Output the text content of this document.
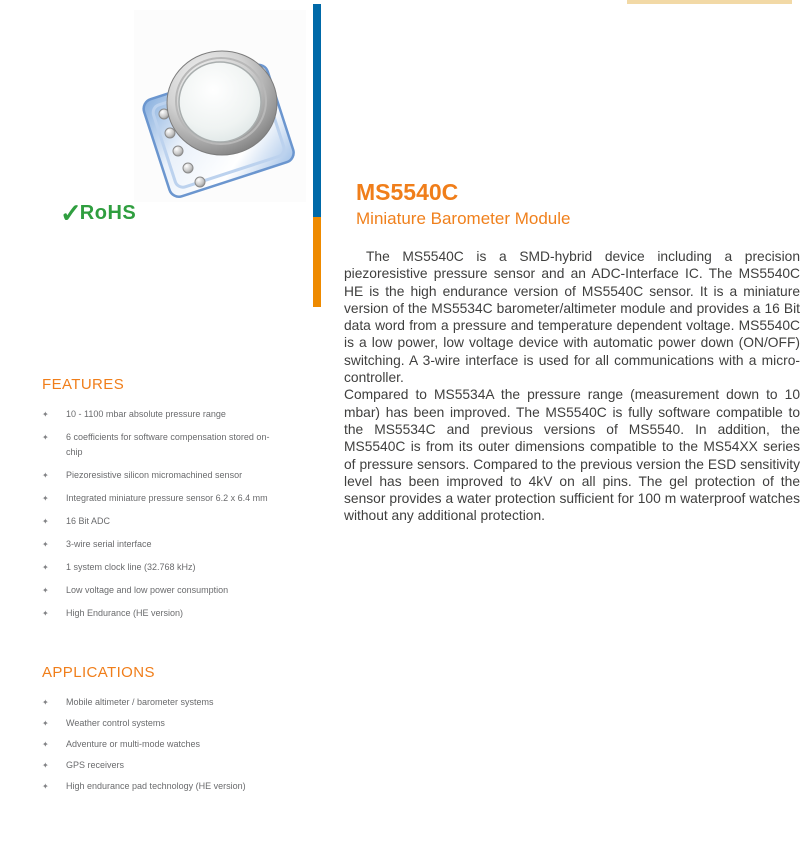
✓
RoHS
FEATURES
✦	10 - 1100 mbar absolute pressure range
✦	6 coefficients for software compensation stored on-chip
✦	Piezoresistive silicon micromachined sensor
✦	Integrated miniature pressure sensor 6.2 x 6.4 mm
✦	16 Bit ADC
✦	3-wire serial interface
✦	1 system clock line (32.768 kHz)
✦	Low voltage and low power consumption
✦	High Endurance (HE version)
APPLICATIONS
✦	Mobile altimeter / barometer systems
✦	Weather control systems
✦	Adventure or multi-mode watches
✦	GPS receivers
✦	High endurance pad technology (HE version)
MS5540C
Miniature Barometer Module

The MS5540C is a SMD-hybrid device including a precision piezoresistive pressure sensor and an ADC-Interface IC. The MS5540C HE is the high endurance version of MS5540C sensor. It is a miniature version of the MS5534C barometer/altimeter module and provides a 16 Bit data word from a pressure and temperature dependent voltage. MS5540C is a low power, low voltage device with automatic power down (ON/OFF) switching. A 3-wire interface is used for all communications with a micro-controller.

Compared to MS5534A the pressure range (measurement down to 10 mbar) has been improved. The MS5540C is fully software compatible to the MS5534C and previous versions of MS5540. In addition, the MS5540C is from its outer dimensions compatible to the MS54XX series of pressure sensors. Compared to the previous version the ESD sensitivity level has been improved to 4kV on all pins. The gel protection of the sensor provides a water protection sufficient for 100 m waterproof watches without any additional protection.
